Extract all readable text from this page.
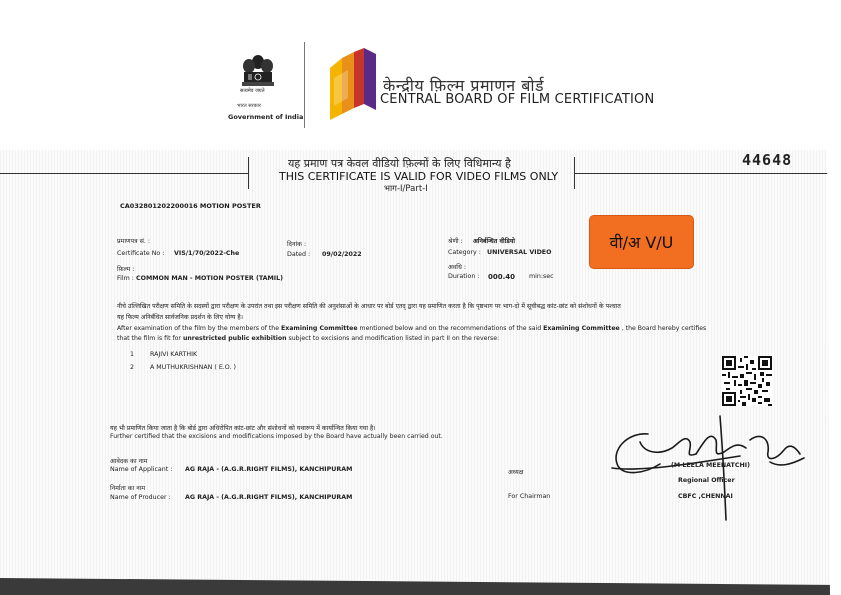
सत्यमेव जयते
भारत सरकार
Government of India
केन्द्रीय फ़िल्म प्रमाणन बोर्ड
CENTRAL BOARD OF FILM CERTIFICATION
यह प्रमाण पत्र केवल वीडियो फ़िल्मों के लिए विधिमान्य है
THIS CERTIFICATE IS VALID FOR VIDEO FILMS ONLY
भाग-I/Part-I
44648
CA032801202200016 MOTION POSTER
प्रमाणपत्र सं. :
Certificate No : VIS/1/70/2022-Che
दिनांक :
Dated : 09/02/2022
श्रेणी : अनिर्बन्धित वीडियो
Category : UNIVERSAL VIDEO
फ़िल्म :
Film : COMMON MAN - MOTION POSTER (TAMIL)
अवधि :
Duration : 000.40 min:sec
वी/अ V/U
नीचे उल्लिखित परीक्षण समिति के सदस्यों द्वारा परीक्षण के उपरांत तथा इस परीक्षण समिति की अनुशंसाओं के आधार पर बोर्ड एतद् द्वारा यह प्रमाणित करता है कि पृष्ठभाग पर भाग-दो में सूचीबद्ध कांट-छांट को संशोधनों के पश्चात
यह फिल्म अनिर्बंधित सार्वजनिक प्रदर्शन के लिए योग्य है।
After examination of the film by the members of the Examining Committee mentioned below and on the recommendations of the said Examining Committee , the Board hereby certifies
that the film is fit for unrestricted public exhibition subject to excisions and modification listed in part II on the reverse:
1	RAJIVI KARTHIK
2	A MUTHUKRISHNAN ( E.O. )
यह भी प्रमाणित किया जाता है कि बोर्ड द्वारा अधिरोपित कांट-छांट और संशोधनों को यथारूप में कार्यान्वित किया गया है।
Further certified that the excisions and modifications imposed by the Board have actually been carried out.
आवेदक का नाम
Name of Applicant : AG RAJA - (A.G.R.RIGHT FILMS), KANCHIPURAM
निर्माता का नाम
Name of Producer : AG RAJA - (A.G.R.RIGHT FILMS), KANCHIPURAM
अध्यक्ष
For Chairman
(M LEELA MEENATCHI)
Regional Officer
CBFC ,CHENNAI
